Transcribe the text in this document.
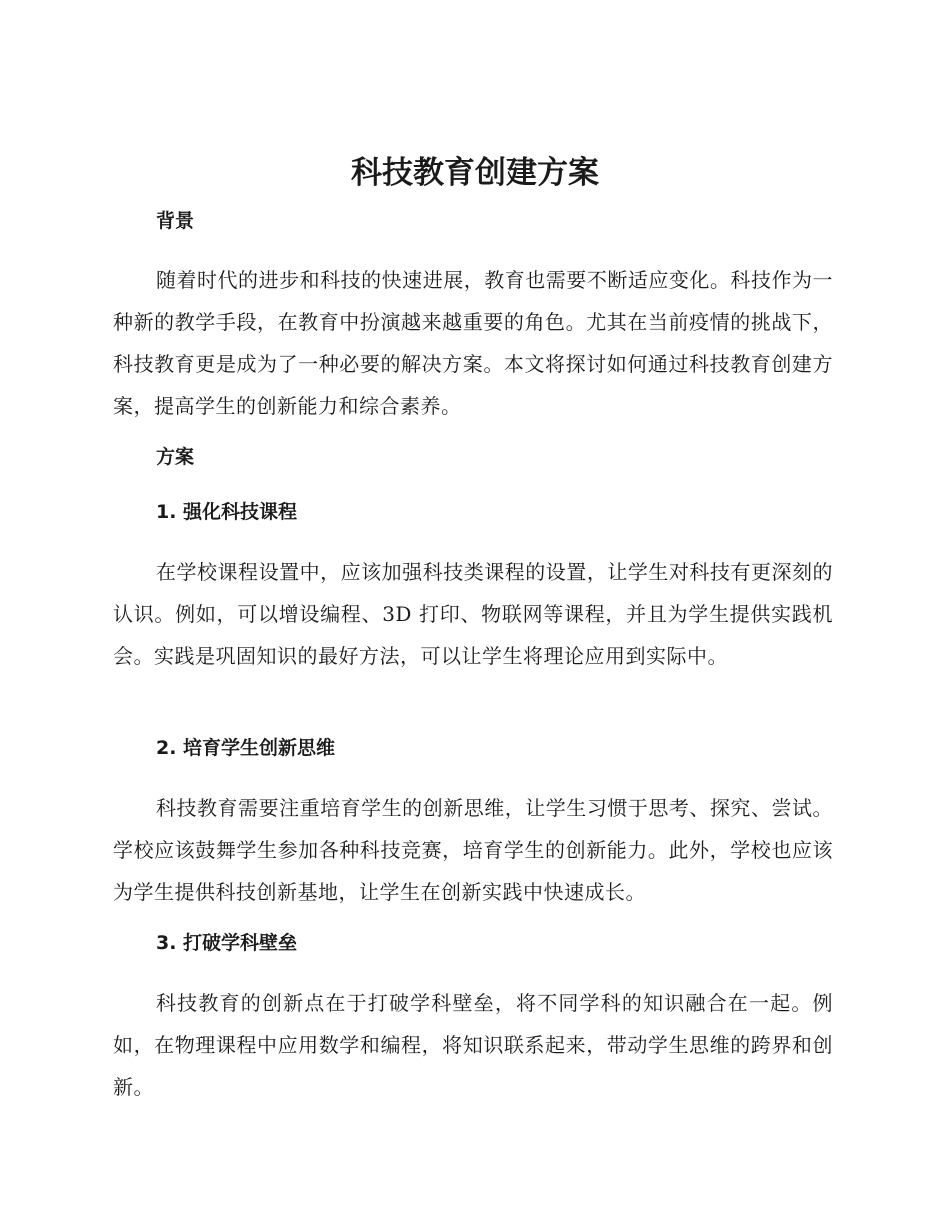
科技教育创建方案
背景

随着时代的进步和科技的快速进展，教育也需要不断适应变化。科技作为一种新的教学手段，在教育中扮演越来越重要的角色。尤其在当前疫情的挑战下，科技教育更是成为了一种必要的解决方案。本文将探讨如何通过科技教育创建方案，提高学生的创新能力和综合素养。

方案
1. 强化科技课程

在学校课程设置中，应该加强科技类课程的设置，让学生对科技有更深刻的认识。例如，可以增设编程、3D 打印、物联网等课程，并且为学生提供实践机会。实践是巩固知识的最好方法，可以让学生将理论应用到实际中。

2. 培育学生创新思维

科技教育需要注重培育学生的创新思维，让学生习惯于思考、探究、尝试。学校应该鼓舞学生参加各种科技竞赛，培育学生的创新能力。此外，学校也应该为学生提供科技创新基地，让学生在创新实践中快速成长。

3. 打破学科壁垒

科技教育的创新点在于打破学科壁垒，将不同学科的知识融合在一起。例如，在物理课程中应用数学和编程，将知识联系起来，带动学生思维的跨界和创新。
